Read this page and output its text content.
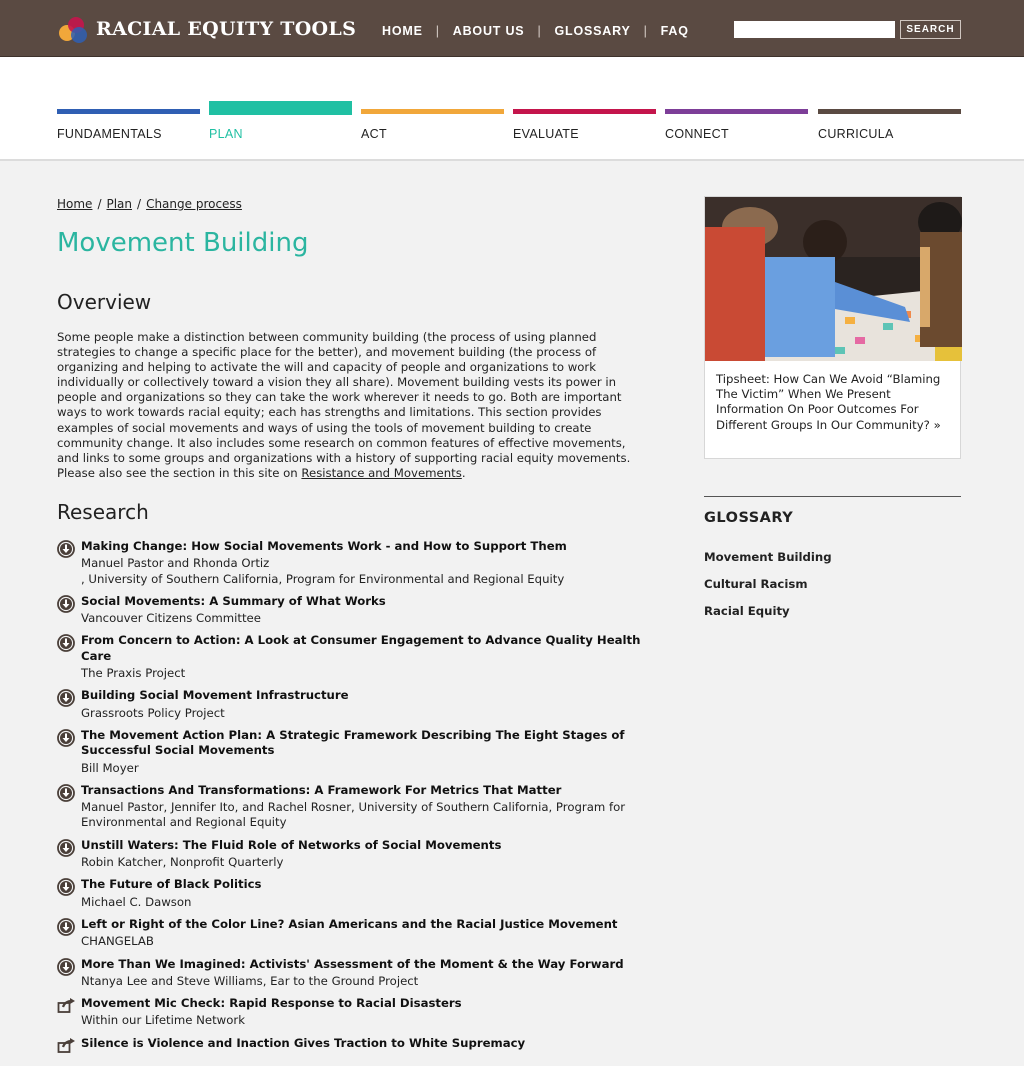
RACIAL EQUITY TOOLS HOME | ABOUT US | GLOSSARY | FAQ	SEARCH
FUNDAMENTALS	PLAN	ACT	EVALUATE	CONNECT	CURRICULA
Home / Plan / Change process
Movement Building
Overview

Some people make a distinction between community building (the process of using planned strategies to change a specific place for the better), and movement building (the process of organizing and helping to activate the will and capacity of people and organizations to work individually or collectively toward a vision they all share). Movement building vests its power in people and organizations so they can take the work wherever it needs to go. Both are important ways to work towards racial equity; each has strengths and limitations. This section provides examples of social movements and ways of using the tools of movement building to create community change. It also includes some research on common features of effective movements, and links to some groups and organizations with a history of supporting racial equity movements. Please also see the section in this site on Resistance and Movements.

Research
Making Change: How Social Movements Work - and How to Support Them
Manuel Pastor and Rhonda Ortiz
, University of Southern California, Program for Environmental and Regional Equity
Social Movements: A Summary of What Works
Vancouver Citizens Committee
From Concern to Action: A Look at Consumer Engagement to Advance Quality Health Care
The Praxis Project
Building Social Movement Infrastructure
Grassroots Policy Project
The Movement Action Plan: A Strategic Framework Describing The Eight Stages of Successful Social Movements
Bill Moyer
Transactions And Transformations: A Framework For Metrics That Matter
Manuel Pastor, Jennifer Ito, and Rachel Rosner, University of Southern California, Program for Environmental and Regional Equity
Unstill Waters: The Fluid Role of Networks of Social Movements
Robin Katcher, Nonprofit Quarterly
The Future of Black Politics
Michael C. Dawson
Left or Right of the Color Line? Asian Americans and the Racial Justice Movement
CHANGELAB
More Than We Imagined: Activists' Assessment of the Moment & the Way Forward
Ntanya Lee and Steve Williams, Ear to the Ground Project
Movement Mic Check: Rapid Response to Racial Disasters
Within our Lifetime Network
Silence is Violence and Inaction Gives Traction to White Supremacy
Tipsheet: How Can We Avoid “Blaming The Victim” When We Present Information On Poor Outcomes For Different Groups In Our Community? »
GLOSSARY
Movement Building
Cultural Racism
Racial Equity
